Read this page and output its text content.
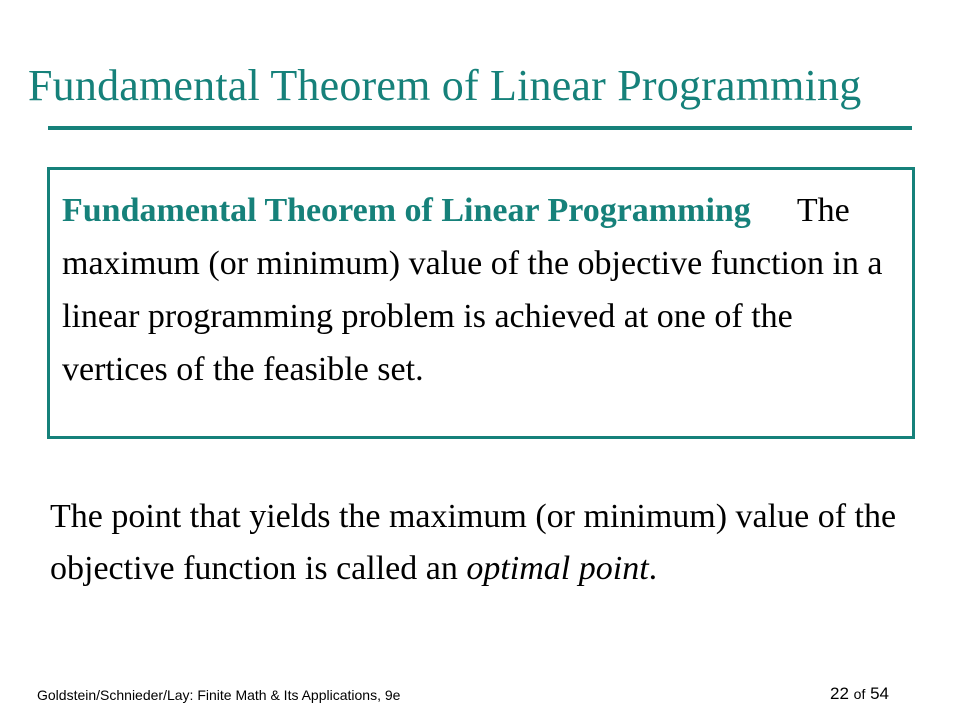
Fundamental Theorem of Linear Programming
Fundamental Theorem of Linear Programming The maximum (or minimum) value of the objective function in a linear programming problem is achieved at one of the vertices of the feasible set.

The point that yields the maximum (or minimum) value of the objective function is called an optimal point.

Goldstein/Schnieder/Lay: Finite Math & Its Applications, 9e	22 of 54
